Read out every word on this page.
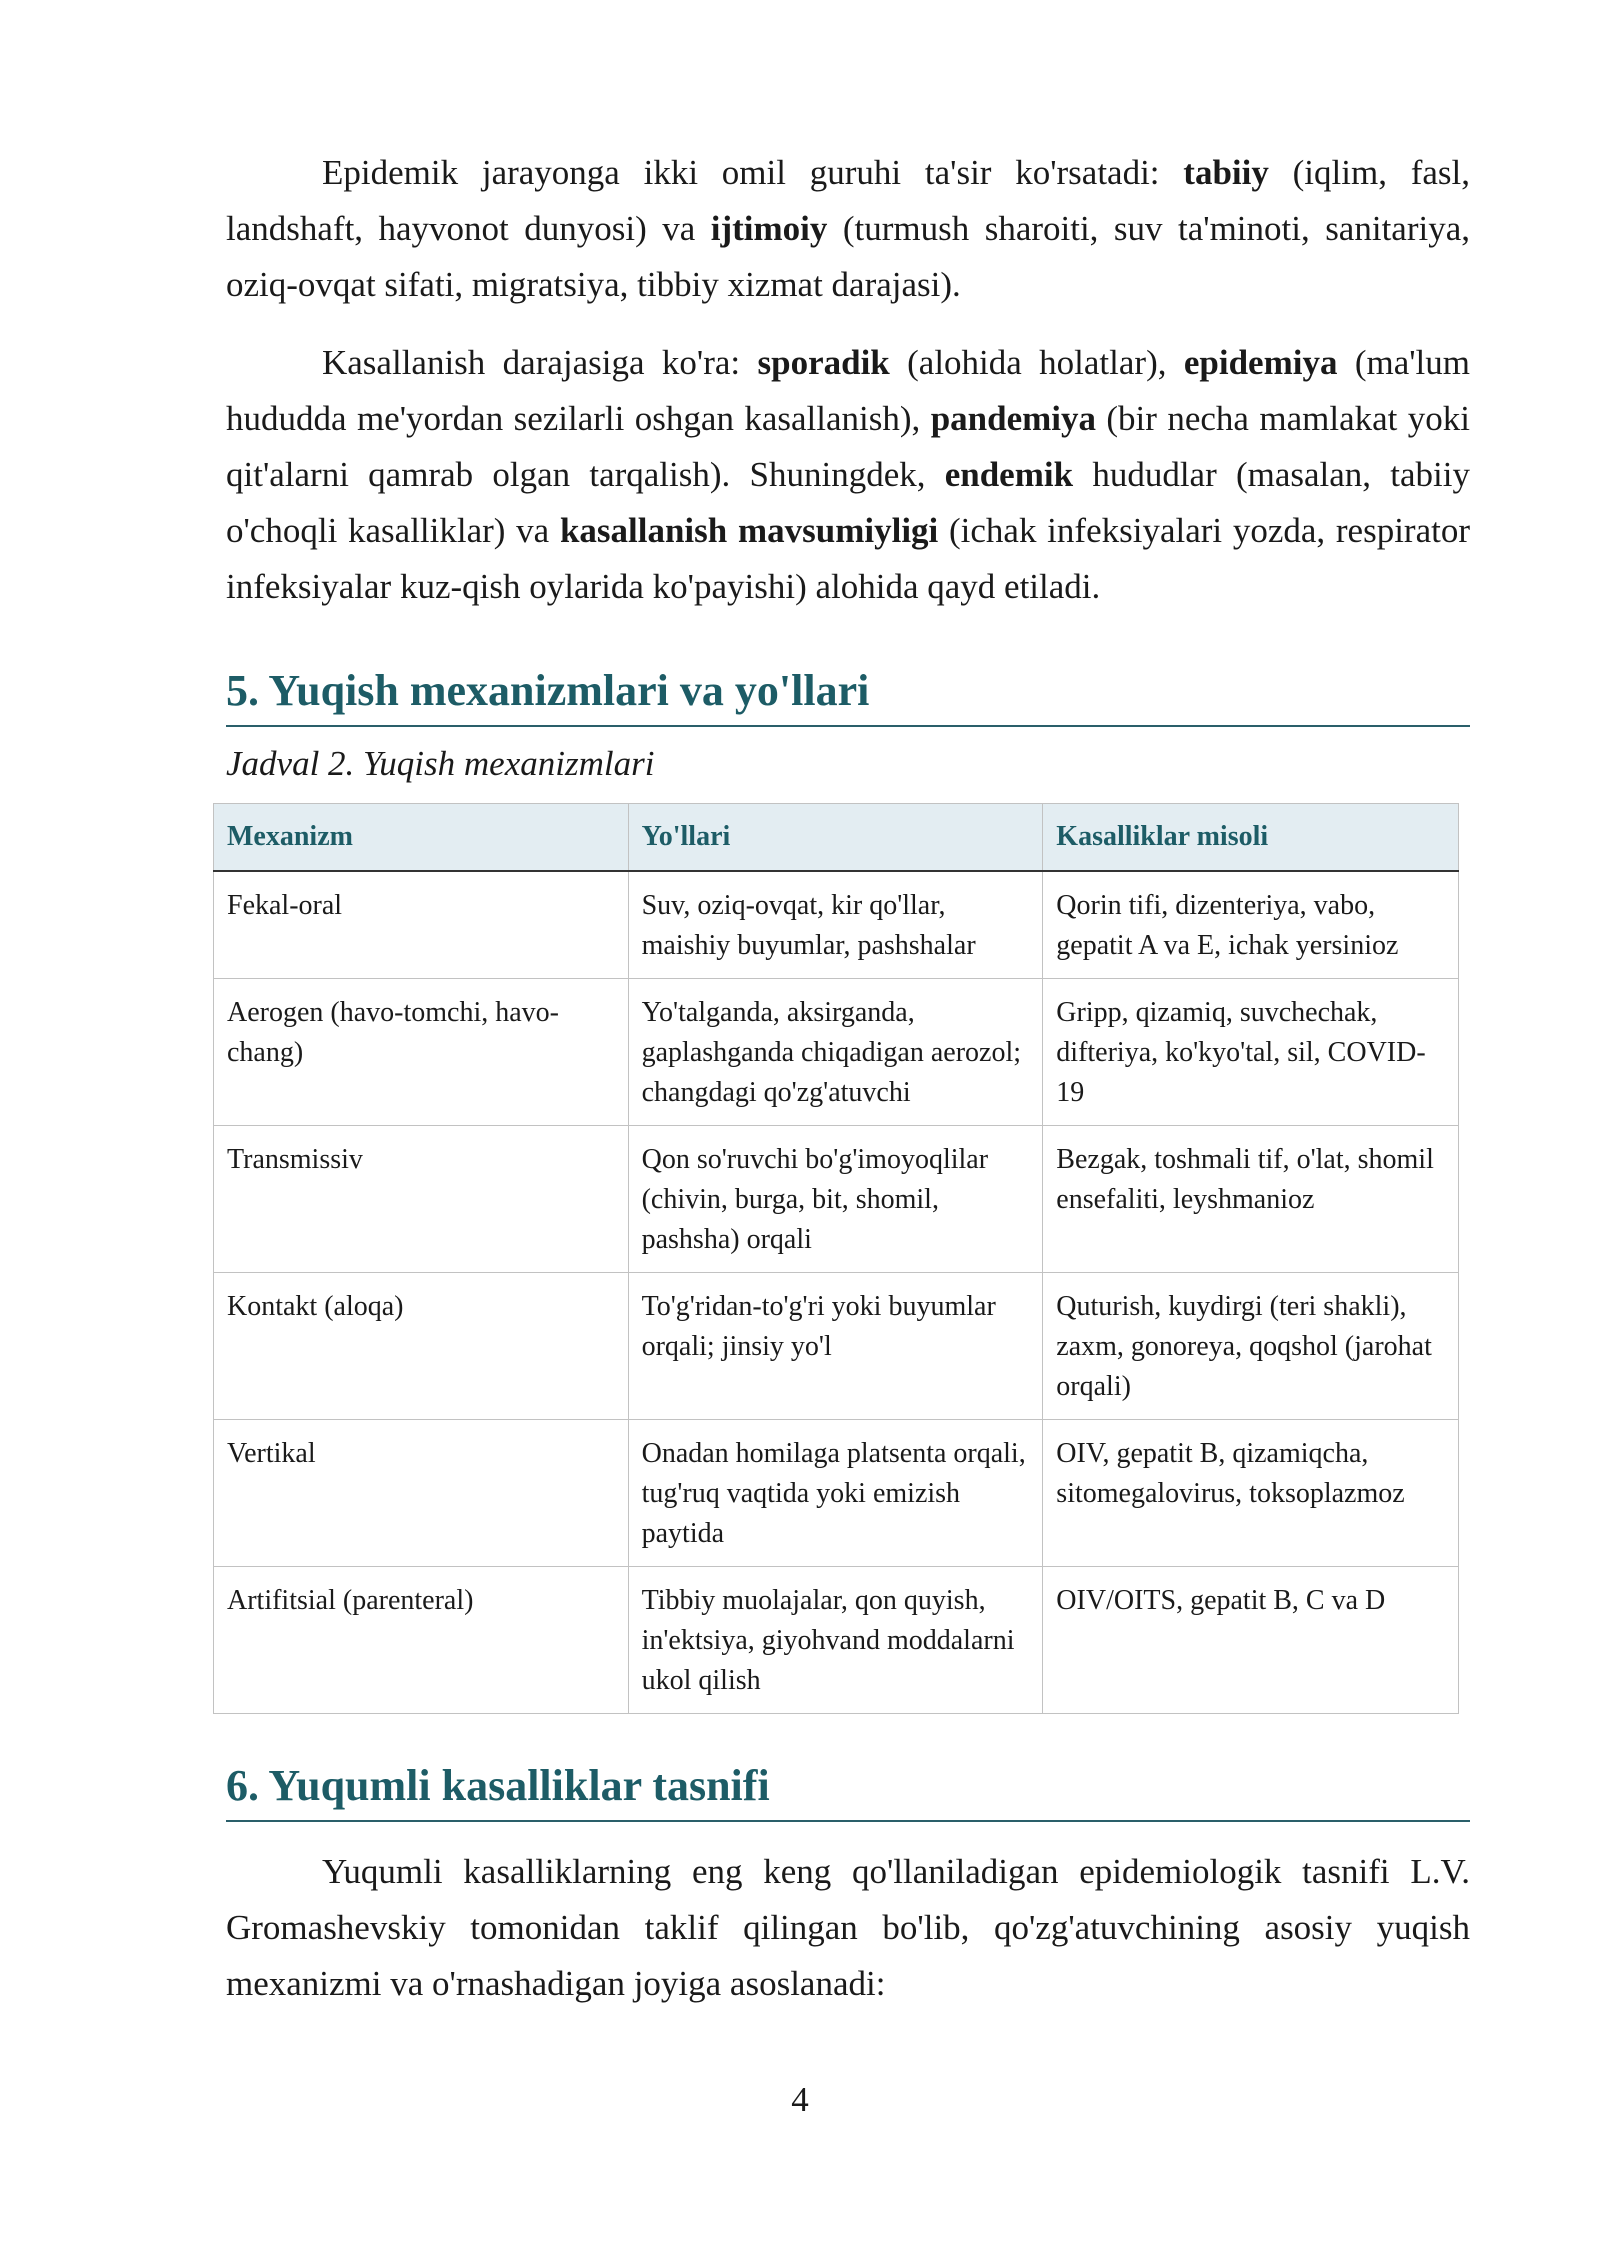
Epidemik jarayonga ikki omil guruhi ta'sir ko'rsatadi: tabiiy (iqlim, fasl, landshaft, hayvonot dunyosi) va ijtimoiy (turmush sharoiti, suv ta'minoti, sanitariya, oziq-ovqat sifati, migratsiya, tibbiy xizmat darajasi).

Kasallanish darajasiga ko'ra: sporadik (alohida holatlar), epidemiya (ma'lum hududda me'yordan sezilarli oshgan kasallanish), pandemiya (bir necha mamlakat yoki qit'alarni qamrab olgan tarqalish). Shuningdek, endemik hududlar (masalan, tabiiy o'choqli kasalliklar) va kasallanish mavsumiyligi (ichak infeksiyalari yozda, respirator infeksiyalar kuz-qish oylarida ko'payishi) alohida qayd etiladi.

5. Yuqish mexanizmlari va yo'llari
Jadval 2. Yuqish mexanizmlari
Mexanizm	Yo'llari	Kasalliklar misoli
Fekal-oral	Suv, oziq-ovqat, kir qo'llar, maishiy buyumlar, pashshalar	Qorin tifi, dizenteriya, vabo, gepatit A va E, ichak yersinioz
Aerogen (havo-tomchi, havo-chang)	Yo'talganda, aksirganda, gaplashganda chiqadigan aerozol; changdagi qo'zg'atuvchi	Gripp, qizamiq, suvchechak, difteriya, ko'kyo'tal, sil, COVID-19
Transmissiv	Qon so'ruvchi bo'g'imoyoqlilar (chivin, burga, bit, shomil, pashsha) orqali	Bezgak, toshmali tif, o'lat, shomil ensefaliti, leyshmanioz
Kontakt (aloqa)	To'g'ridan-to'g'ri yoki buyumlar orqali; jinsiy yo'l	Quturish, kuydirgi (teri shakli), zaxm, gonoreya, qoqshol (jarohat orqali)
Vertikal	Onadan homilaga platsenta orqali, tug'ruq vaqtida yoki emizish paytida	OIV, gepatit B, qizamiqcha, sitomegalovirus, toksoplazmoz
Artifitsial (parenteral)	Tibbiy muolajalar, qon quyish, in'ektsiya, giyohvand moddalarni ukol qilish	OIV/OITS, gepatit B, C va D
6. Yuqumli kasalliklar tasnifi

Yuqumli kasalliklarning eng keng qo'llaniladigan epidemiologik tasnifi L.V. Gromashevskiy tomonidan taklif qilingan bo'lib, qo'zg'atuvchining asosiy yuqish mexanizmi va o'rnashadigan joyiga asoslanadi:

4
